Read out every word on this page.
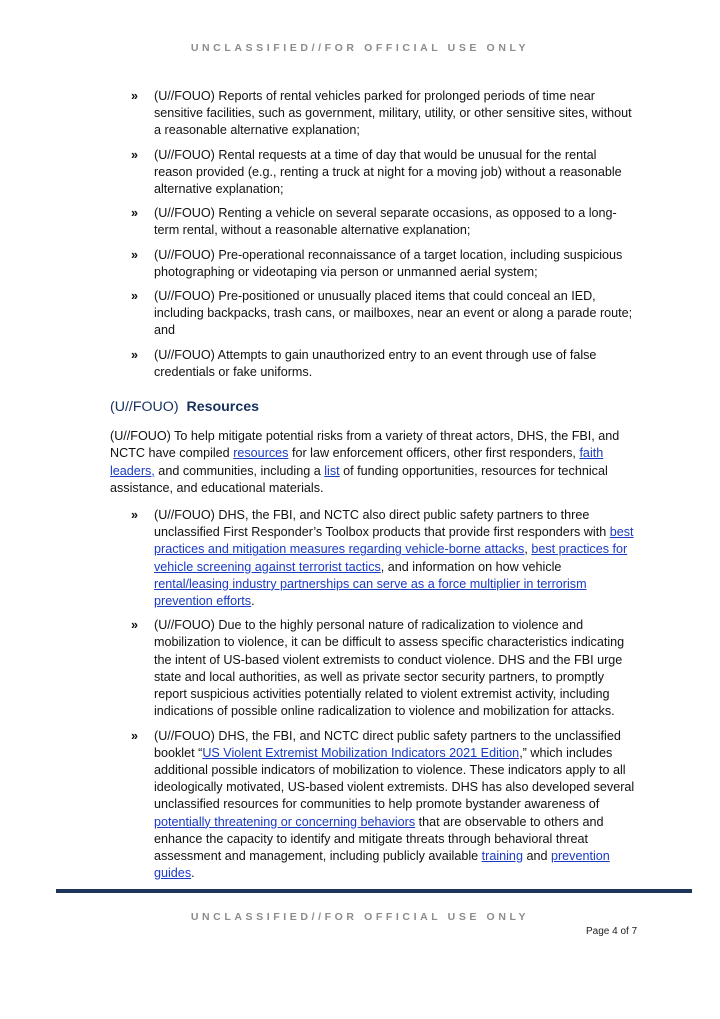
UNCLASSIFIED//FOR OFFICIAL USE ONLY
» (U//FOUO) Reports of rental vehicles parked for prolonged periods of time near sensitive facilities, such as government, military, utility, or other sensitive sites, without a reasonable alternative explanation;
» (U//FOUO) Rental requests at a time of day that would be unusual for the rental reason provided (e.g., renting a truck at night for a moving job) without a reasonable alternative explanation;
» (U//FOUO) Renting a vehicle on several separate occasions, as opposed to a long-term rental, without a reasonable alternative explanation;
» (U//FOUO) Pre-operational reconnaissance of a target location, including suspicious photographing or videotaping via person or unmanned aerial system;
» (U//FOUO) Pre-positioned or unusually placed items that could conceal an IED, including backpacks, trash cans, or mailboxes, near an event or along a parade route; and
» (U//FOUO) Attempts to gain unauthorized entry to an event through use of false credentials or fake uniforms.
(U//FOUO) Resources

(U//FOUO) To help mitigate potential risks from a variety of threat actors, DHS, the FBI, and NCTC have compiled resources for law enforcement officers, other first responders, faith leaders, and communities, including a list of funding opportunities, resources for technical assistance, and educational materials.

» (U//FOUO) DHS, the FBI, and NCTC also direct public safety partners to three unclassified First Responder’s Toolbox products that provide first responders with best practices and mitigation measures regarding vehicle-borne attacks, best practices for vehicle screening against terrorist tactics, and information on how vehicle rental/leasing industry partnerships can serve as a force multiplier in terrorism prevention efforts.
» (U//FOUO) Due to the highly personal nature of radicalization to violence and mobilization to violence, it can be difficult to assess specific characteristics indicating the intent of US-based violent extremists to conduct violence. DHS and the FBI urge state and local authorities, as well as private sector security partners, to promptly report suspicious activities potentially related to violent extremist activity, including indications of possible online radicalization to violence and mobilization for attacks.
» (U//FOUO) DHS, the FBI, and NCTC direct public safety partners to the unclassified booklet “US Violent Extremist Mobilization Indicators 2021 Edition,” which includes additional possible indicators of mobilization to violence. These indicators apply to all ideologically motivated, US-based violent extremists. DHS has also developed several unclassified resources for communities to help promote bystander awareness of potentially threatening or concerning behaviors that are observable to others and enhance the capacity to identify and mitigate threats through behavioral threat assessment and management, including publicly available training and prevention guides.
UNCLASSIFIED//FOR OFFICIAL USE ONLY
Page 4 of 7
